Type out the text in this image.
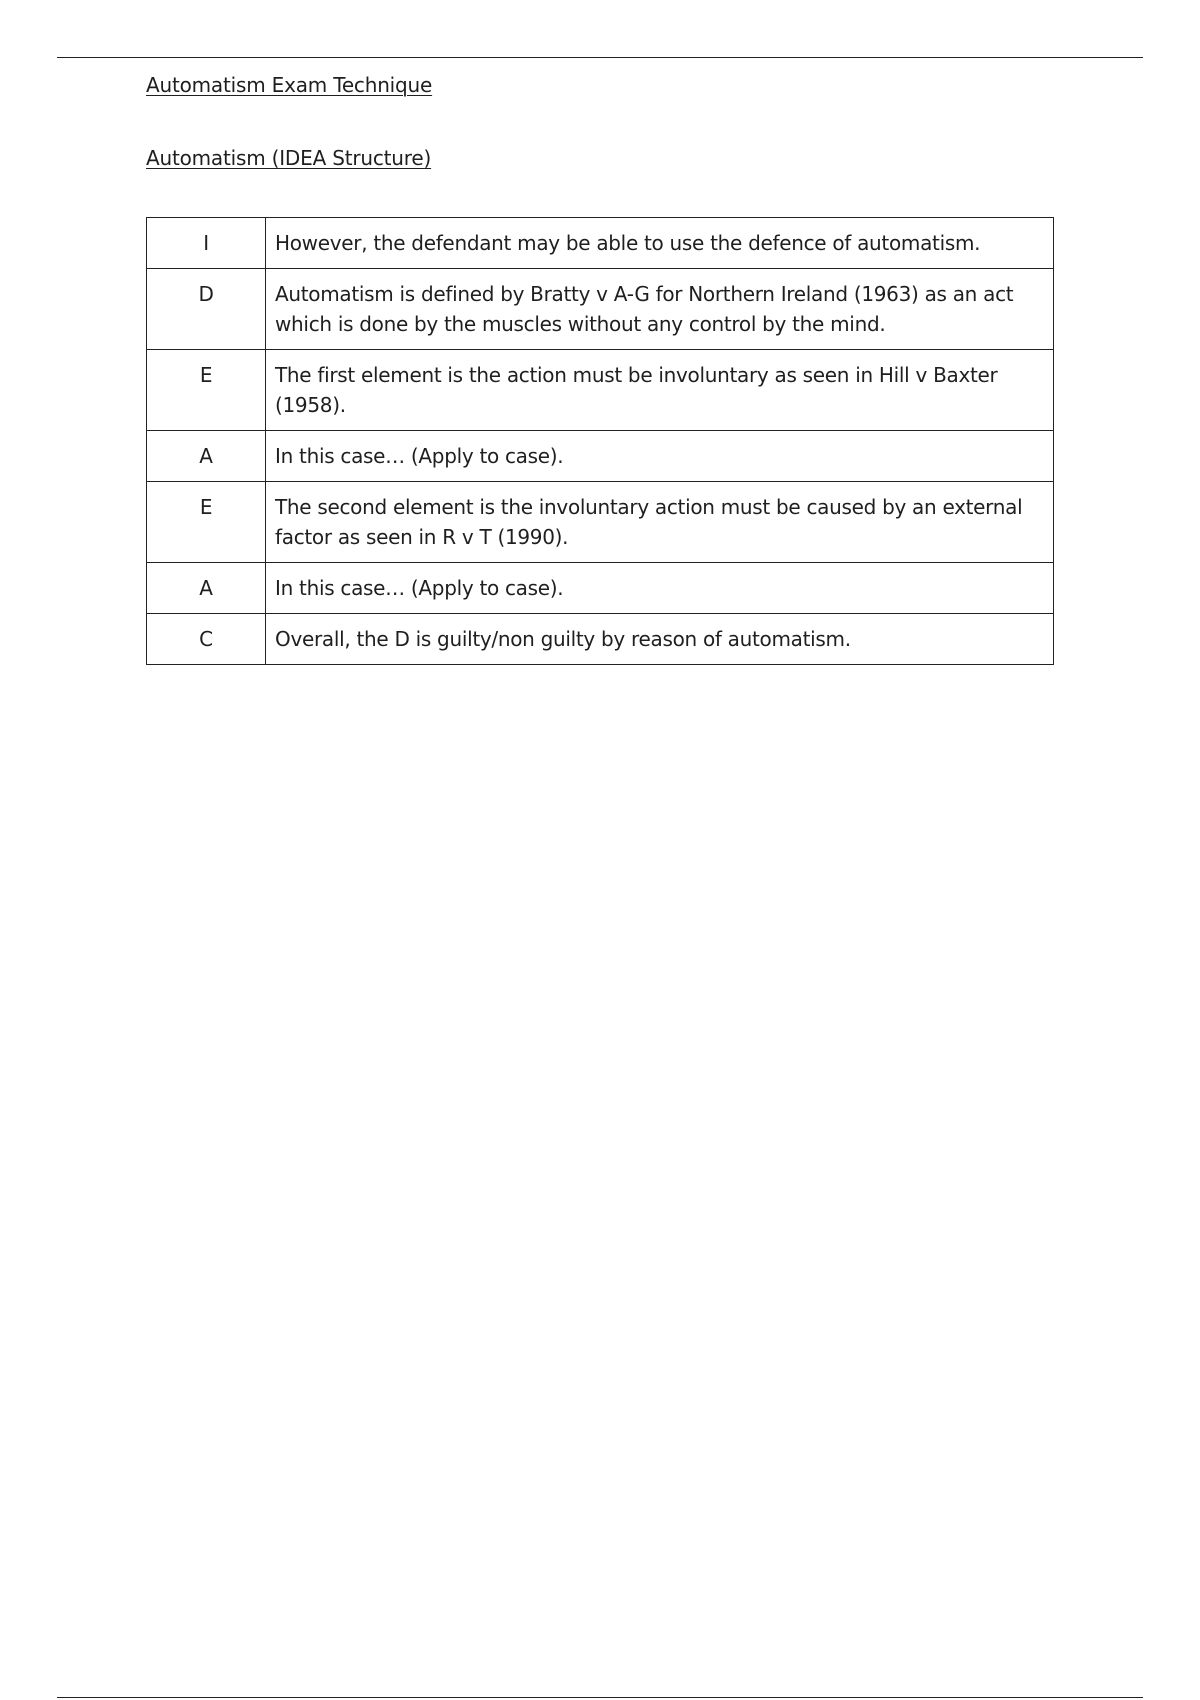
Automatism Exam Technique
Automatism (IDEA Structure)
I	However, the defendant may be able to use the defence of automatism.
D	Automatism is defined by Bratty v A-G for Northern Ireland (1963) as an act which is done by the muscles without any control by the mind.
E	The first element is the action must be involuntary as seen in Hill v Baxter (1958).
A	In this case… (Apply to case).
E	The second element is the involuntary action must be caused by an external factor as seen in R v T (1990).
A	In this case… (Apply to case).
C	Overall, the D is guilty/non guilty by reason of automatism.
